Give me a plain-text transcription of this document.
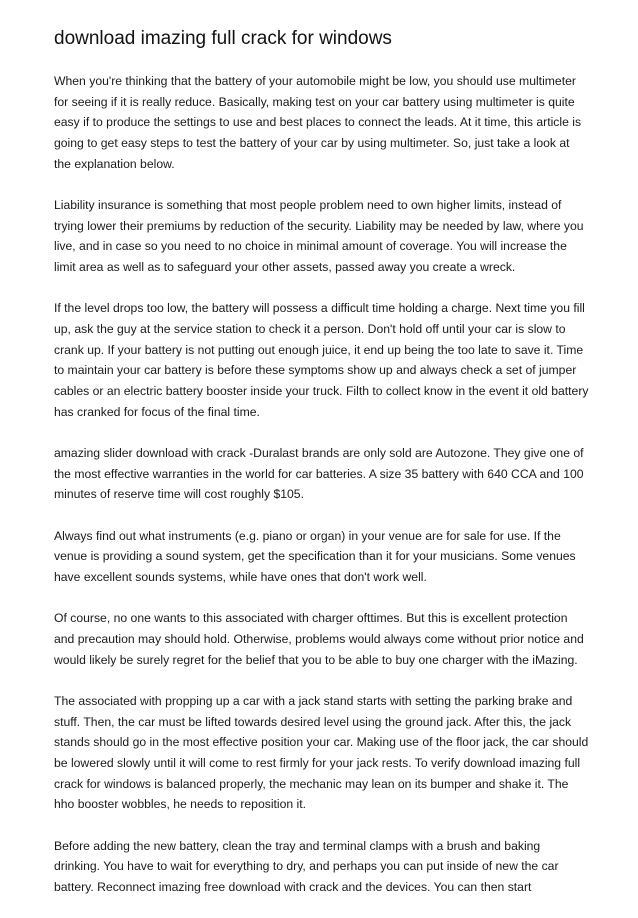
download imazing full crack for windows

When you're thinking that the battery of your automobile might be low, you should use multimeter for seeing if it is really reduce. Basically, making test on your car battery using multimeter is quite easy if to produce the settings to use and best places to connect the leads. At it time, this article is going to get easy steps to test the battery of your car by using multimeter. So, just take a look at the explanation below.

Liability insurance is something that most people problem need to own higher limits, instead of trying lower their premiums by reduction of the security. Liability may be needed by law, where you live, and in case so you need to no choice in minimal amount of coverage. You will increase the limit area as well as to safeguard your other assets, passed away you create a wreck.

If the level drops too low, the battery will possess a difficult time holding a charge. Next time you fill up, ask the guy at the service station to check it a person. Don't hold off until your car is slow to crank up. If your battery is not putting out enough juice, it end up being the too late to save it. Time to maintain your car battery is before these symptoms show up and always check a set of jumper cables or an electric battery booster inside your truck. Filth to collect know in the event it old battery has cranked for focus of the final time.

amazing slider download with crack -Duralast brands are only sold are Autozone. They give one of the most effective warranties in the world for car batteries. A size 35 battery with 640 CCA and 100 minutes of reserve time will cost roughly $105.

Always find out what instruments (e.g. piano or organ) in your venue are for sale for use. If the venue is providing a sound system, get the specification than it for your musicians. Some venues have excellent sounds systems, while have ones that don't work well.

Of course, no one wants to this associated with charger ofttimes. But this is excellent protection and precaution may should hold. Otherwise, problems would always come without prior notice and would likely be surely regret for the belief that you to be able to buy one charger with the iMazing.

The associated with propping up a car with a jack stand starts with setting the parking brake and stuff. Then, the car must be lifted towards desired level using the ground jack. After this, the jack stands should go in the most effective position your car. Making use of the floor jack, the car should be lowered slowly until it will come to rest firmly for your jack rests. To verify download imazing full crack for windows is balanced properly, the mechanic may lean on its bumper and shake it. The hho booster wobbles, he needs to reposition it.

Before adding the new battery, clean the tray and terminal clamps with a brush and baking drinking. You have to wait for everything to dry, and perhaps you can put inside of new the car battery. Reconnect imazing free download with crack and the devices. You can then start
